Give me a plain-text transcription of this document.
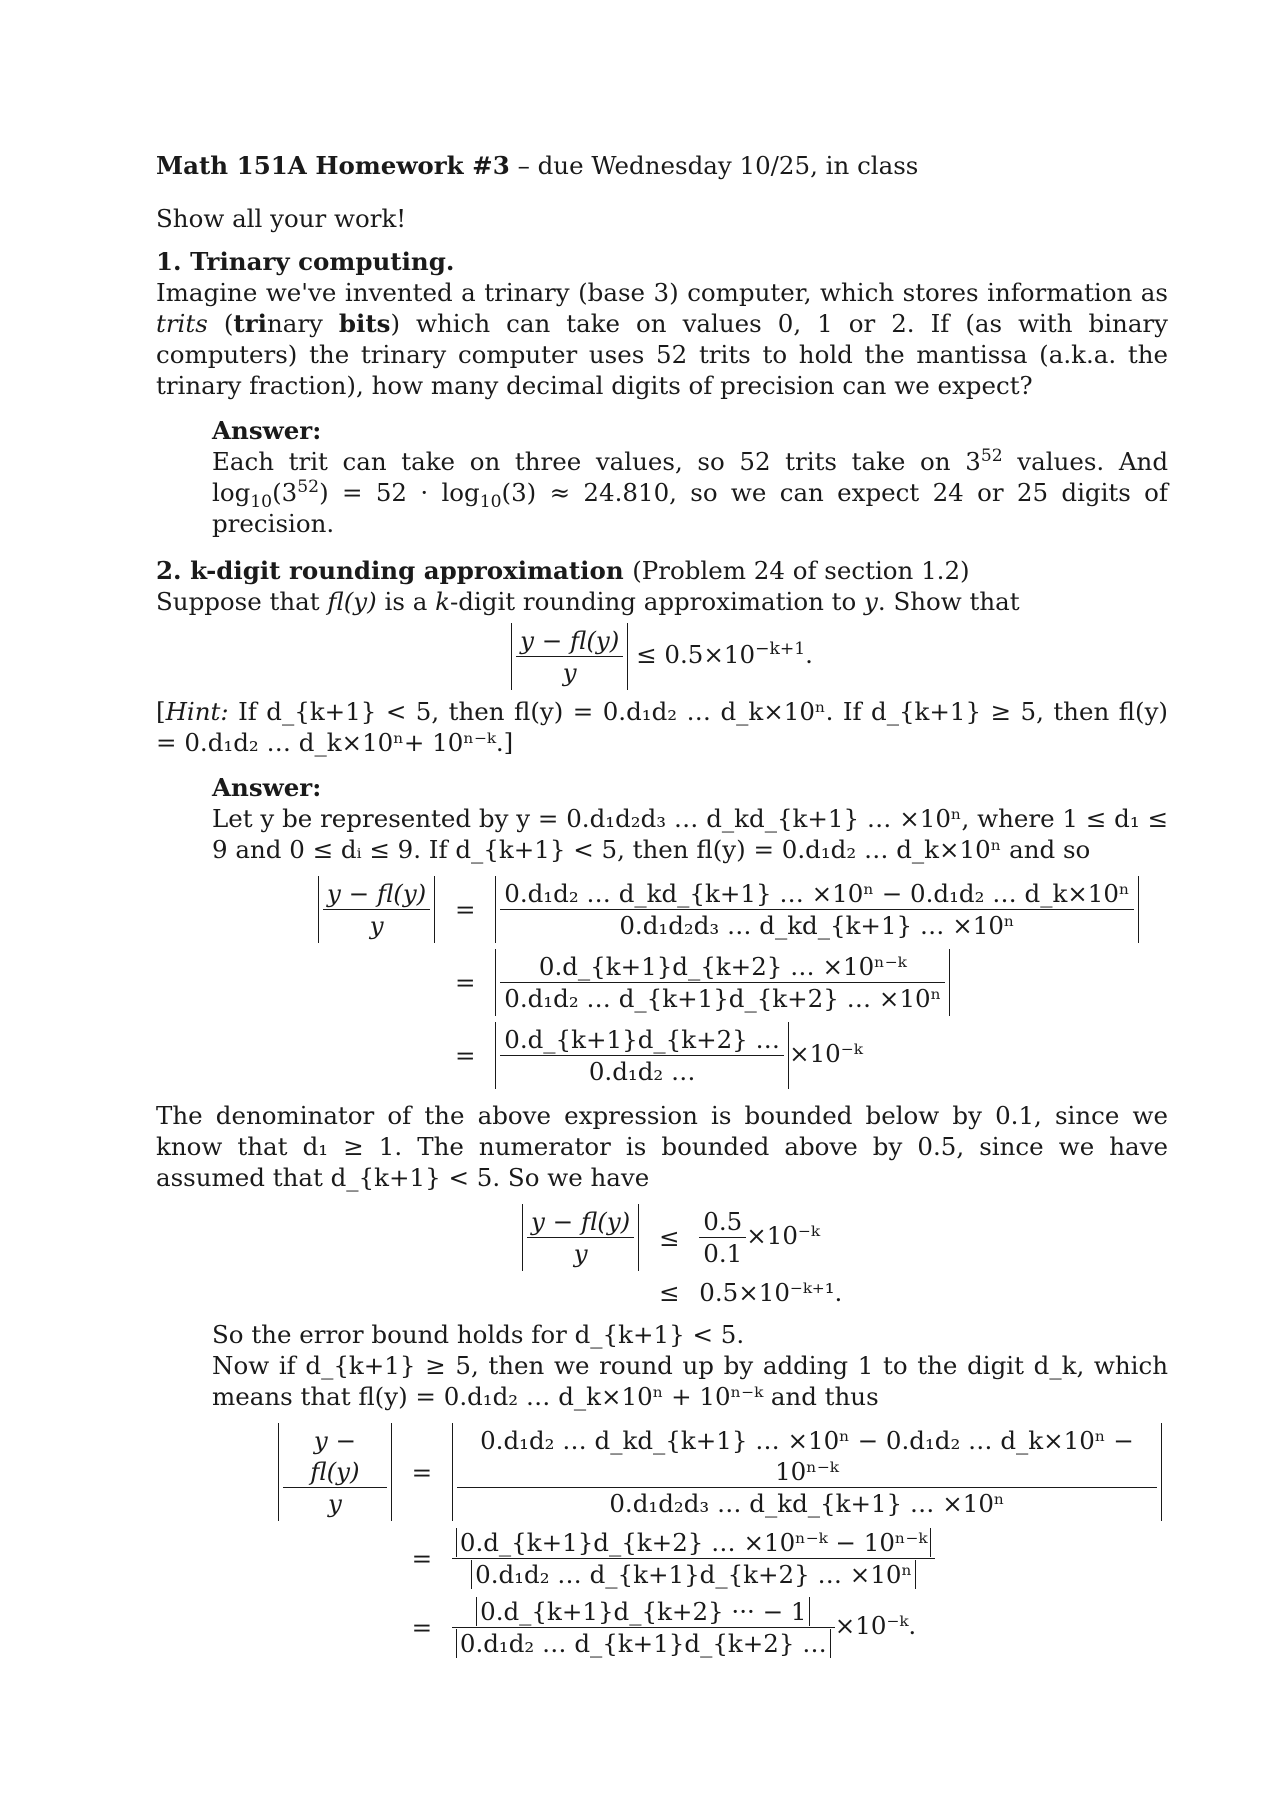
Math 151A Homework #3 – due Wednesday 10/25, in class

Show all your work!

1. Trinary computing.

Imagine we've invented a trinary (base 3) computer, which stores information as trits (trinary bits) which can take on values 0, 1 or 2. If (as with binary computers) the trinary computer uses 52 trits to hold the mantissa (a.k.a. the trinary fraction), how many decimal digits of precision can we expect?

Answer:

Each trit can take on three values, so 52 trits take on $3^{52}$ values. And $\log_{10}(3^{52}) = 52 \cdot \log_{10}(3) \approx 24.810$, so we can expect 24 or 25 digits of precision.

2. k-digit rounding approximation (Problem 24 of section 1.2)

Suppose that fl(y) is a k-digit rounding approximation to y. Show that

$\frac{y - fl(y)}{y} \le 0.5\times 10^{-k+1}$.

[Hint: If d_{k+1} < 5, then fl(y) = 0.d₁d₂ … d_k×10ⁿ. If d_{k+1} ≥ 5, then fl(y) = 0.d₁d₂ … d_k×10ⁿ+ 10ⁿ⁻ᵏ.]

Answer:

Let y be represented by y = 0.d₁d₂d₃ … d_kd_{k+1} … ×10ⁿ, where 1 ≤ d₁ ≤ 9 and 0 ≤ dᵢ ≤ 9. If d_{k+1} < 5, then fl(y) = 0.d₁d₂ … d_k×10ⁿ and so

$\frac{y - fl(y)}{y}$	=	$\frac{\text{0.d₁d₂ … d\_kd\_\{k+1\} … ×10ⁿ − 0.d₁d₂ … d\_k×10ⁿ}}{\text{0.d₁d₂d₃ … d\_kd\_\{k+1\} … ×10ⁿ}}$

	=	$\frac{\text{0.d\_\{k+1\}d\_\{k+2\} … ×10ⁿ⁻ᵏ}}{\text{0.d₁d₂ … d\_\{k+1\}d\_\{k+2\} … ×10ⁿ}}$

	=	$\frac{0.d\_\{k+1\}d\_\{k+2\} \dots}{\text{0.d₁d₂ …}}$ ×10⁻ᵏ

The denominator of the above expression is bounded below by 0.1, since we know that d₁ ≥ 1. The numerator is bounded above by 0.5, since we have assumed that d_{k+1} < 5. So we have

$\frac{y - fl(y)}{y}$	≤	$\frac{0.5}{0.1}$ ×10⁻ᵏ
	≤	0.5×10⁻ᵏ⁺¹.

So the error bound holds for d_{k+1} < 5.

Now if d_{k+1} ≥ 5, then we round up by adding 1 to the digit d_k, which means that fl(y) = 0.d₁d₂ … d_k×10ⁿ + 10ⁿ⁻ᵏ and thus

$\frac{y - fl(y)}{y}$	=	$\frac{\text{0.d₁d₂ … d\_kd\_\{k+1\} … ×10ⁿ − 0.d₁d₂ … d\_k×10ⁿ − 10ⁿ⁻ᵏ}}{\text{0.d₁d₂d₃ … d\_kd\_\{k+1\} … ×10ⁿ}}$

	=	$\frac{\text{0.d\_\{k+1\}d\_\{k+2\} … ×10ⁿ⁻ᵏ − 10ⁿ⁻ᵏ}}{\text{0.d₁d₂ … d\_\{k+1\}d\_\{k+2\} … ×10ⁿ}}$

	=	$\frac{0.d\_\{k+1\}d\_\{k+2\} \cdot\cdot\cdot - 1}{\text{0.d₁d₂ … d\_\{k+1\}d\_\{k+2\} …}}$ ×10⁻ᵏ.
